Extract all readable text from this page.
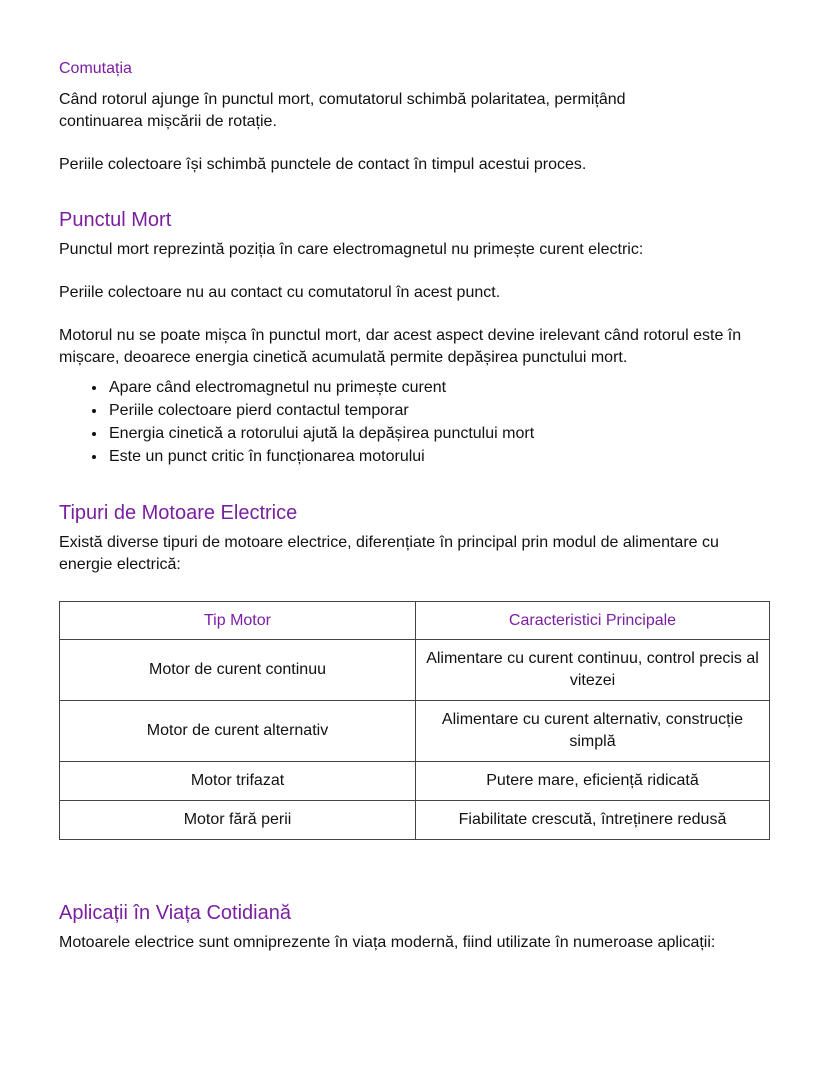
Comutația

Când rotorul ajunge în punctul mort, comutatorul schimbă polaritatea, permițând continuarea mișcării de rotație.

Periile colectoare își schimbă punctele de contact în timpul acestui proces.

Punctul Mort

Punctul mort reprezintă poziția în care electromagnetul nu primește curent electric:

Periile colectoare nu au contact cu comutatorul în acest punct.

Motorul nu se poate mișca în punctul mort, dar acest aspect devine irelevant când rotorul este în mișcare, deoarece energia cinetică acumulată permite depășirea punctului mort.

• Apare când electromagnetul nu primește curent
• Periile colectoare pierd contactul temporar
• Energia cinetică a rotorului ajută la depășirea punctului mort
• Este un punct critic în funcționarea motorului
Tipuri de Motoare Electrice

Există diverse tipuri de motoare electrice, diferențiate în principal prin modul de alimentare cu energie electrică:

Tip Motor	Caracteristici Principale
Motor de curent continuu	Alimentare cu curent continuu, control precis al vitezei
Motor de curent alternativ	Alimentare cu curent alternativ, construcție simplă
Motor trifazat	Putere mare, eficiență ridicată
Motor fără perii	Fiabilitate crescută, întreținere redusă
Aplicații în Viața Cotidiană

Motoarele electrice sunt omniprezente în viața modernă, fiind utilizate în numeroase aplicații:
